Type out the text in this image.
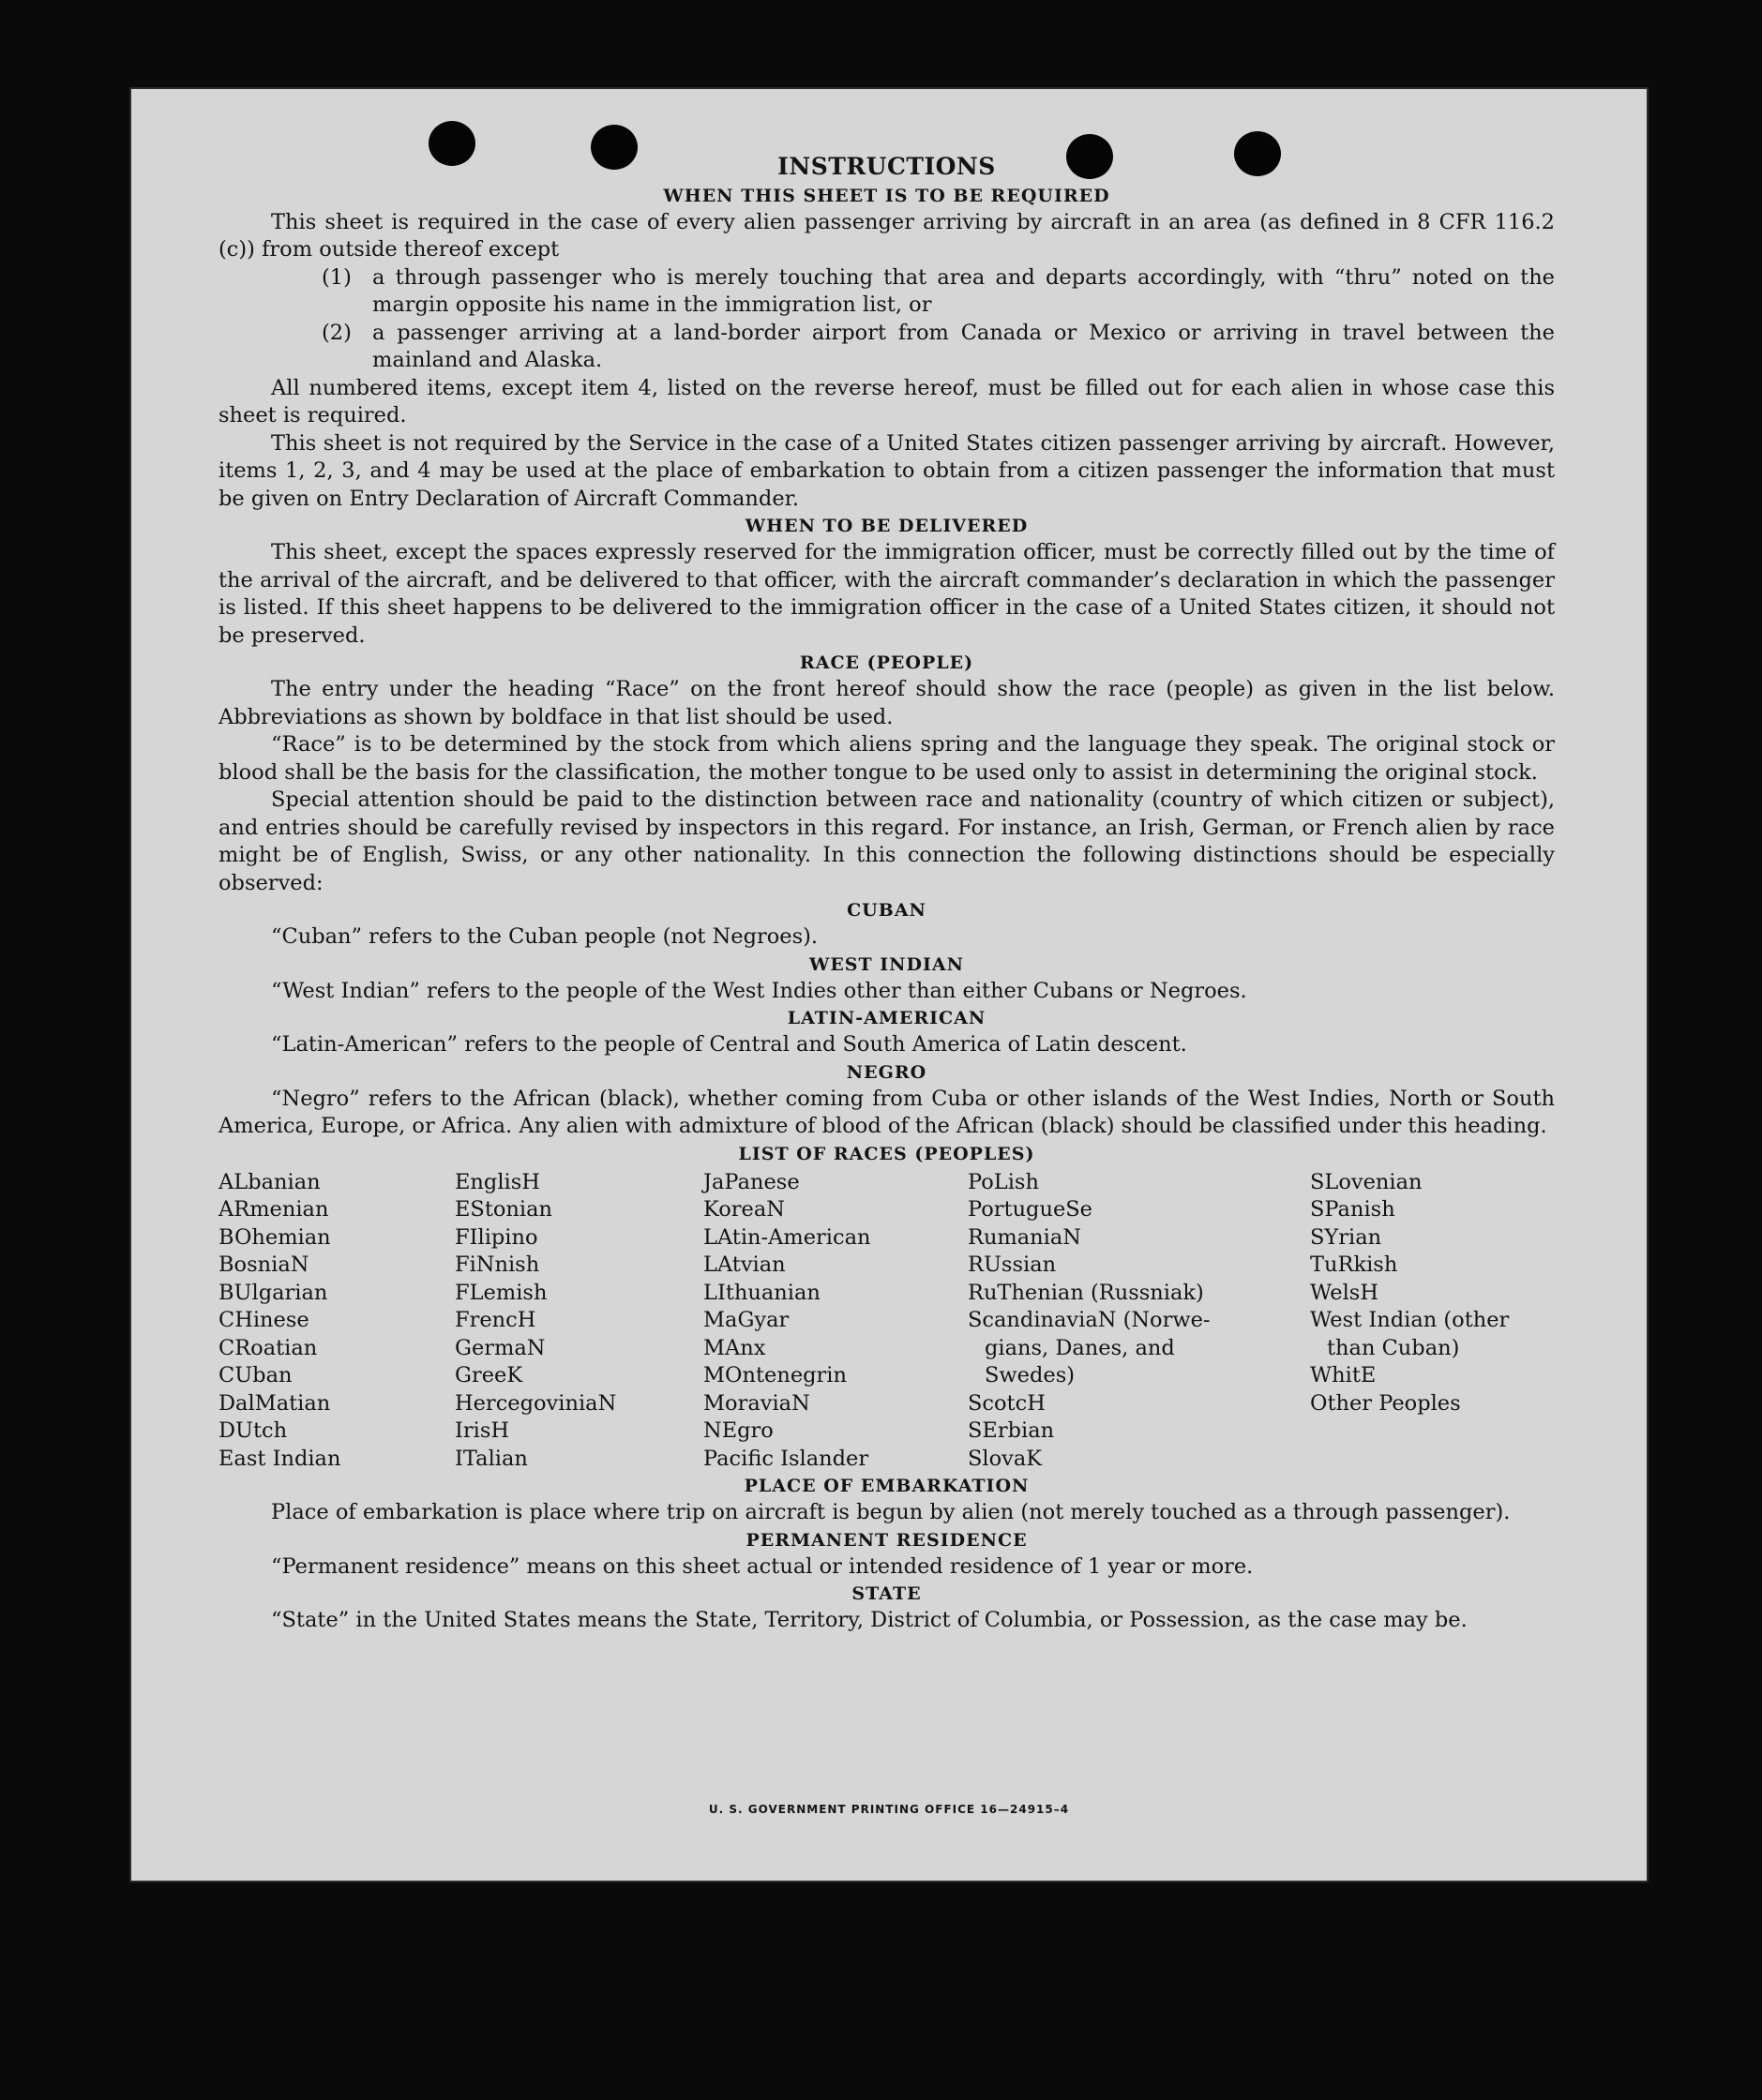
INSTRUCTIONS
WHEN THIS SHEET IS TO BE REQUIRED

This sheet is required in the case of every alien passenger arriving by aircraft in an area (as defined in 8 CFR 116.2 (c)) from outside thereof except

(1) a through passenger who is merely touching that area and departs accordingly, with “thru” noted on the margin opposite his name in the immigration list, or
(2) a passenger arriving at a land-border airport from Canada or Mexico or arriving in travel between the mainland and Alaska.

All numbered items, except item 4, listed on the reverse hereof, must be filled out for each alien in whose case this sheet is required.

This sheet is not required by the Service in the case of a United States citizen passenger arriving by aircraft. However, items 1, 2, 3, and 4 may be used at the place of embarkation to obtain from a citizen passenger the information that must be given on Entry Declaration of Aircraft Commander.

WHEN TO BE DELIVERED

This sheet, except the spaces expressly reserved for the immigration officer, must be correctly filled out by the time of the arrival of the aircraft, and be delivered to that officer, with the aircraft commander’s declaration in which the passenger is listed. If this sheet happens to be delivered to the immigration officer in the case of a United States citizen, it should not be preserved.

RACE (PEOPLE)

The entry under the heading “Race” on the front hereof should show the race (people) as given in the list below. Abbreviations as shown by boldface in that list should be used.

“Race” is to be determined by the stock from which aliens spring and the language they speak. The original stock or blood shall be the basis for the classification, the mother tongue to be used only to assist in determining the original stock.

Special attention should be paid to the distinction between race and nationality (country of which citizen or subject), and entries should be carefully revised by inspectors in this regard. For instance, an Irish, German, or French alien by race might be of English, Swiss, or any other nationality. In this connection the following distinctions should be especially observed:

CUBAN

“Cuban” refers to the Cuban people (not Negroes).

WEST INDIAN

“West Indian” refers to the people of the West Indies other than either Cubans or Negroes.

LATIN-AMERICAN

“Latin-American” refers to the people of Central and South America of Latin descent.

NEGRO

“Negro” refers to the African (black), whether coming from Cuba or other islands of the West Indies, North or South America, Europe, or Africa. Any alien with admixture of blood of the African (black) should be classified under this heading.

LIST OF RACES (PEOPLES)
ALbanian
ARmenian
BOhemian
BosniaN
BUlgarian
CHinese
CRoatian
CUban
DalMatian
DUtch
East Indian
EnglisH
EStonian
FIlipino
FiNnish
FLemish
FrencH
GermaN
GreeK
HercegoviniaN
IrisH
ITalian
JaPanese
KoreaN
LAtin-American
LAtvian
LIthuanian
MaGyar
MAnx
MOntenegrin
MoraviaN
NEgro
Pacific Islander
PoLish
PortugueSe
RumaniaN
RUssian
RuThenian (Russniak)
ScandinaviaN (Norwe-
gians, Danes, and
Swedes)
ScotcH
SErbian
SlovaK
SLovenian
SPanish
SYrian
TuRkish
WelsH
West Indian (other
than Cuban)
WhitE
Other Peoples
PLACE OF EMBARKATION

Place of embarkation is place where trip on aircraft is begun by alien (not merely touched as a through passenger).

PERMANENT RESIDENCE

“Permanent residence” means on this sheet actual or intended residence of 1 year or more.

STATE

“State” in the United States means the State, Territory, District of Columbia, or Possession, as the case may be.

U. S. GOVERNMENT PRINTING OFFICE 16—24915–4
